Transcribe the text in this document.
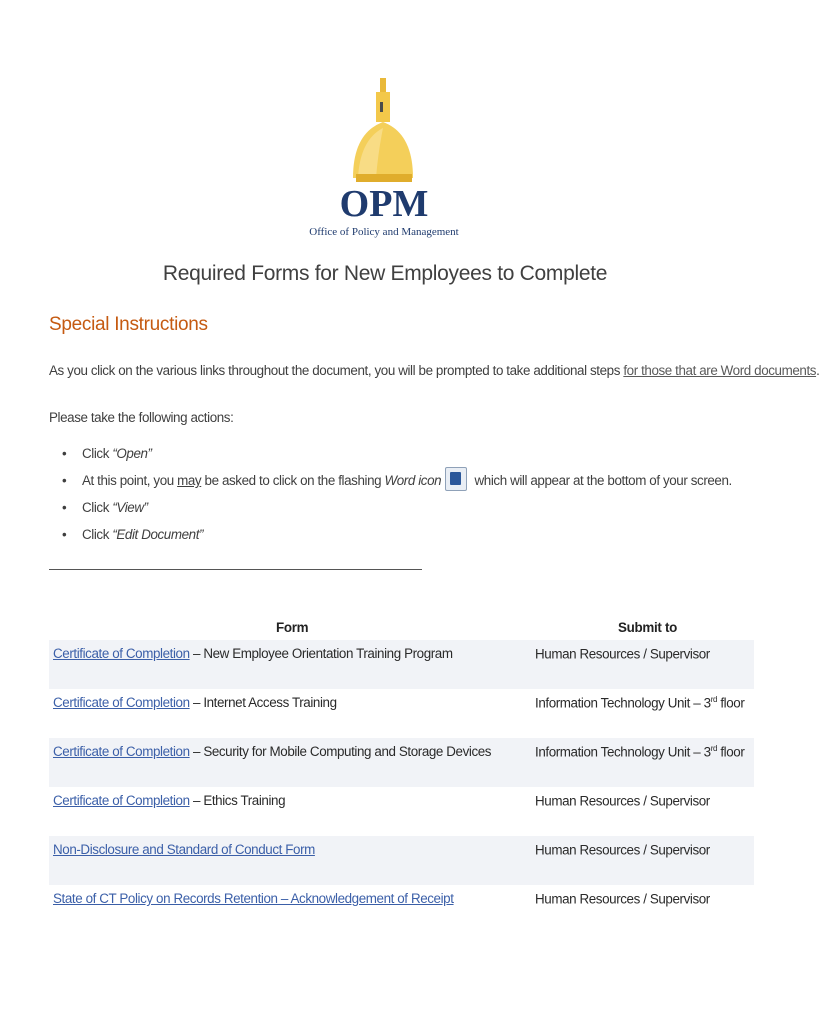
OPM
Office of Policy and Management
Required Forms for New Employees to Complete
Special Instructions
As you click on the various links throughout the document, you will be prompted to take additional steps for those that are Word documents
Please take the following actions:
• Click “Open”
• At this point, you may be asked to click on the flashing Word icon which will appear at the bottom of your screen.
• Click “View”
• Click “Edit Document”
Form	Submit to
Certificate of Completion – New Employee Orientation Training Program	Human Resources / Supervisor
Certificate of Completion – Internet Access Training	Information Technology Unit – 3rd floor
Certificate of Completion – Security for Mobile Computing and Storage Devices	Information Technology Unit – 3rd floor
Certificate of Completion – Ethics Training	Human Resources / Supervisor
Non-Disclosure and Standard of Conduct Form	Human Resources / Supervisor
State of CT Policy on Records Retention – Acknowledgement of Receipt	Human Resources / Supervisor
